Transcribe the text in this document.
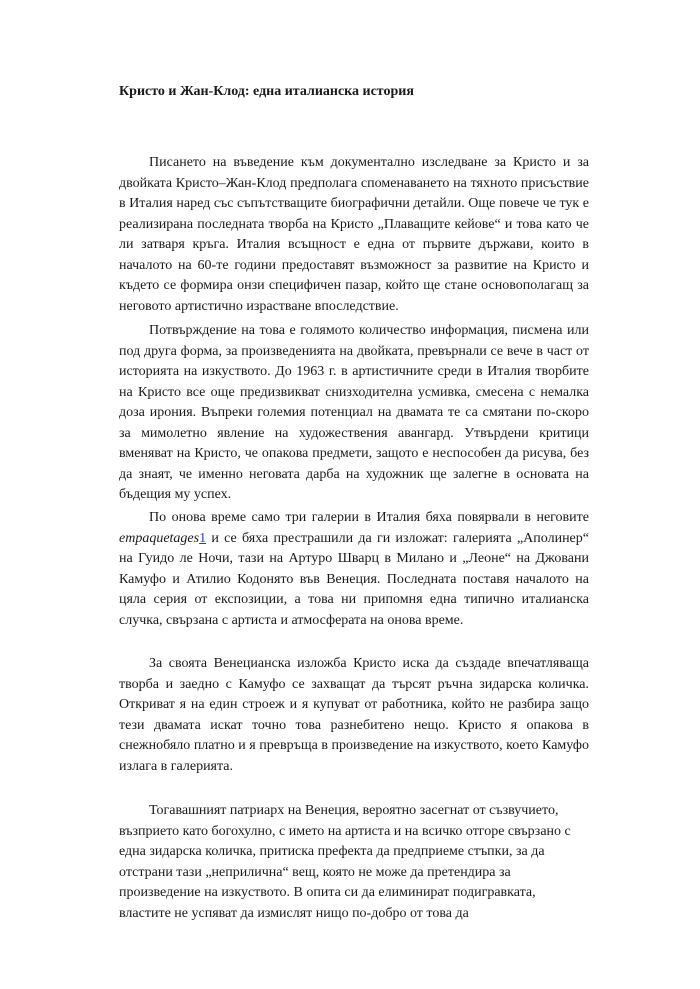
Кристо и Жан-Клод: една италианска история

Писането на въведение към документално изследване за Кристо и за двойката Кристо–Жан-Клод предполага споменаването на тяхното присъствие в Италия наред със съпътстващите биографични детайли. Още повече че тук е реализирана последната творба на Кристо „Плаващите кейове“ и това като че ли затваря кръга. Италия всъщност е една от първите държави, които в началото на 60-те години предоставят възможност за развитие на Кристо и където се формира онзи специфичен пазар, който ще стане основополагащ за неговото артистично израстване впоследствие.

Потвърждение на това е голямото количество информация, писмена или под друга форма, за произведенията на двойката, превърнали се вече в част от историята на изкуството. До 1963 г. в артистичните среди в Италия творбите на Кристо все още предизвикват снизходителна усмивка, смесена с немалка доза ирония. Въпреки големия потенциал на двамата те са смятани по-скоро за мимолетно явление на художествения авангард. Утвърдени критици вменяват на Кристо, че опакова предмети, защото е неспособен да рисува, без да знаят, че именно неговата дарба на художник ще залегне в основата на бъдещия му успех.

По онова време само три галерии в Италия бяха повярвали в неговите empaquetages1 и се бяха престрашили да ги изложат: галерията „Аполинер“ на Гуидо ле Ночи, тази на Артуро Шварц в Милано и „Леоне“ на Джовани Камуфо и Атилио Кодонято във Венеция. Последната поставя началото на цяла серия от експозиции, а това ни припомня една типично италианска случка, свързана с артиста и атмосферата на онова време.

За своята Венецианска изложба Кристо иска да създаде впечатляваща творба и заедно с Камуфо се захващат да търсят ръчна зидарска количка. Откриват я на един строеж и я купуват от работника, който не разбира защо тези двамата искат точно това разнебитено нещо. Кристо я опакова в снежнобяло платно и я превръща в произведение на изкуството, което Камуфо излага в галерията.

Тогавашният патриарх на Венеция, вероятно засегнат от съзвучието, възприето като богохулно, с името на артиста и на всичко отгоре свързано с една зидарска количка, притиска префекта да предприеме стъпки, за да отстрани тази „неприлична“ вещ, която не може да претендира за произведение на изкуството. В опита си да елиминират подигравката, властите не успяват да измислят нищо по-добро от това да
